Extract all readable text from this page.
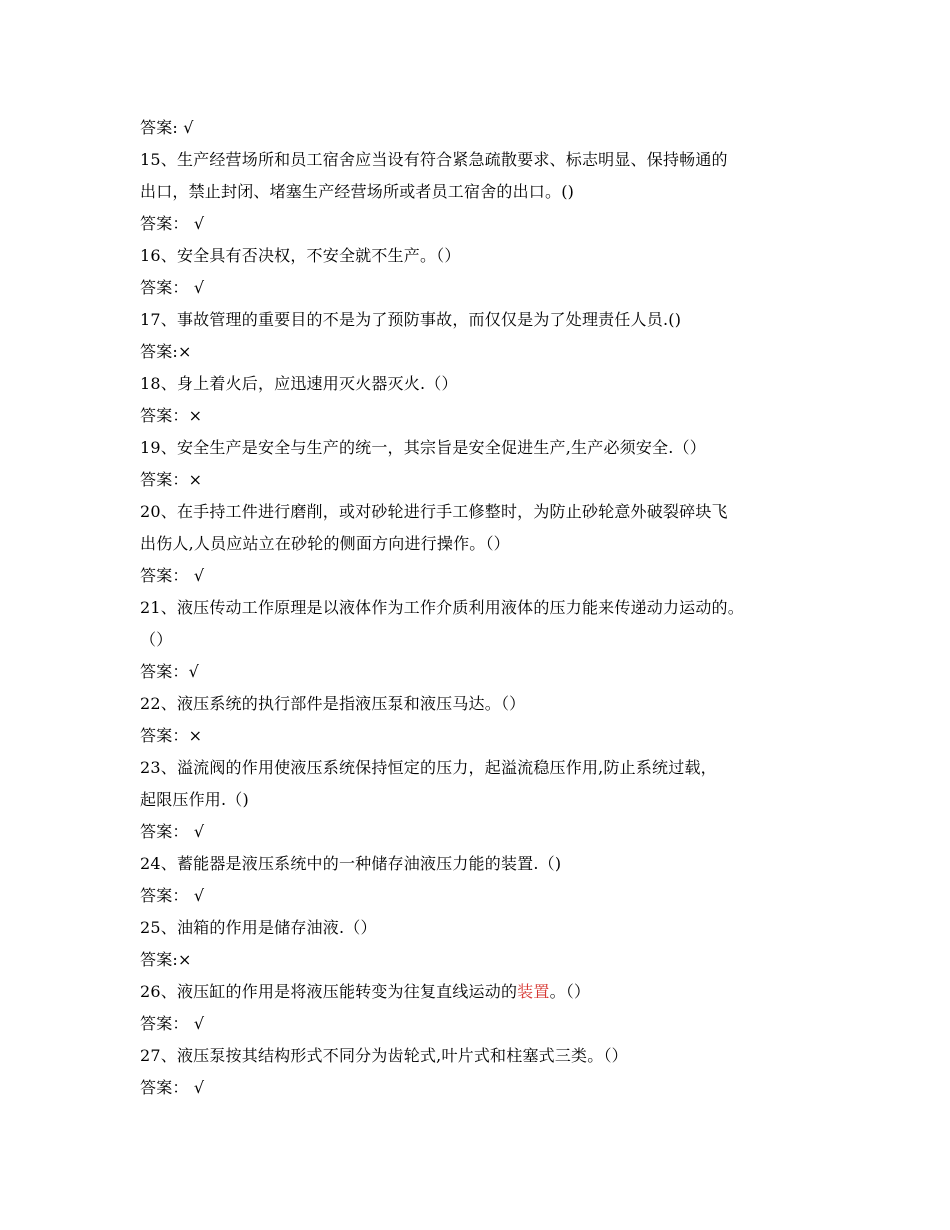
答案: √
15、生产经营场所和员工宿舍应当设有符合紧急疏散要求、标志明显、保持畅通的
出口，禁止封闭、堵塞生产经营场所或者员工宿舍的出口。()
答案： √
16、安全具有否决权，不安全就不生产。（）
答案： √
17、事故管理的重要目的不是为了预防事故，而仅仅是为了处理责任人员.()
答案:×
18、身上着火后，应迅速用灭火器灭火.（）
答案：×
19、安全生产是安全与生产的统一，其宗旨是安全促进生产,生产必须安全.（）
答案：×
20、在手持工件进行磨削，或对砂轮进行手工修整时，为防止砂轮意外破裂碎块飞
出伤人,人员应站立在砂轮的侧面方向进行操作。（）
答案： √
21、液压传动工作原理是以液体作为工作介质利用液体的压力能来传递动力运动的。
（）
答案：√
22、液压系统的执行部件是指液压泵和液压马达。（）
答案：×
23、溢流阀的作用使液压系统保持恒定的压力，起溢流稳压作用,防止系统过载，
起限压作用.（)
答案： √
24、蓄能器是液压系统中的一种储存油液压力能的装置.（)
答案： √
25、油箱的作用是储存油液.（）
答案:×
26、液压缸的作用是将液压能转变为往复直线运动的装置。（）
答案： √
27、液压泵按其结构形式不同分为齿轮式,叶片式和柱塞式三类。（）
答案： √
